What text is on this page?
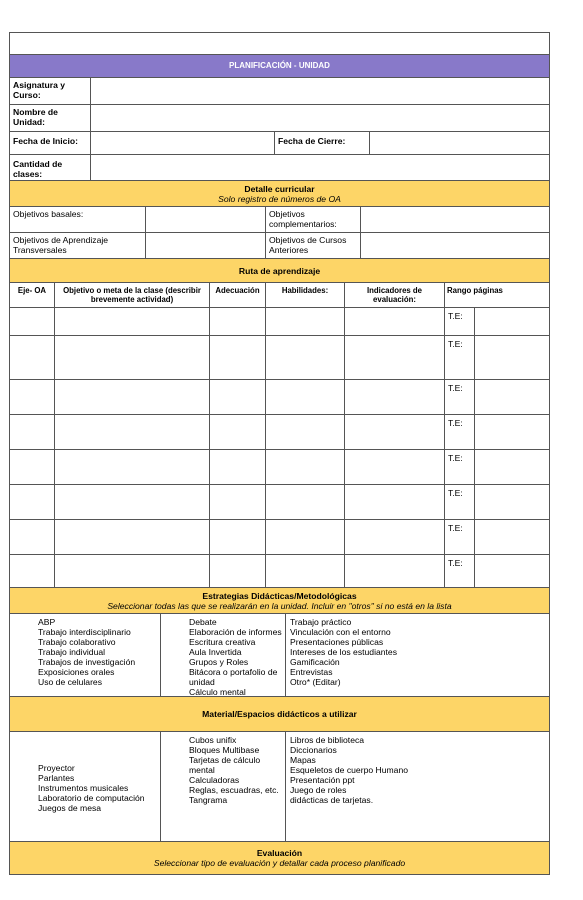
PLANIFICACIÓN - UNIDAD
Asignatura y Curso:			
Nombre de Unidad:			
Fecha de Inicio:		Fecha de Cierre:	
Cantidad de clases:			
Detalle curricular
Solo registro de números de OA			

Objetivos basales:		Objetivos complementarios:	
Objetivos de Aprendizaje Transversales		Objetivos de Cursos Anteriores	
Ruta de aprendizaje						

Eje- OA	Objetivo o meta de la clase (describir brevemente actividad)	Adecuación	Habilidades:	Indicadores de evaluación:	Rango páginas	
					T.E:	
					T.E:	
					T.E:	
					T.E:	
					T.E:	
					T.E:	
					T.E:	
					T.E:	
Estrategias Didácticas/Metodológicas
Seleccionar todas las que se realizarán en la unidad. Incluir en "otros" si no está en la lista

ABP
Trabajo interdisciplinario
Trabajo colaborativo
Trabajo individual
Trabajos de investigación
Exposiciones orales
Uso de celulares

Debate
Elaboración de informes
Escritura creativa
Aula Invertida
Grupos y Roles
Bitácora o portafolio de
unidad
Cálculo mental

Trabajo práctico
Vinculación con el entorno
Presentaciones públicas
Intereses de los estudiantes
Gamificación
Entrevistas
Otro* (Editar)
Material/Espacios didácticos a utilizar

Proyector
Parlantes
Instrumentos musicales
Laboratorio de computación
Juegos de mesa

Cubos unifix
Bloques Multibase
Tarjetas de cálculo
mental
Calculadoras
Reglas, escuadras, etc.
Tangrama

Libros de biblioteca
Diccionarios
Mapas
Esqueletos de cuerpo Humano
Presentación ppt
Juego de roles
didácticas de tarjetas.
Evaluación
Seleccionar tipo de evaluación y detallar cada proceso planificado
